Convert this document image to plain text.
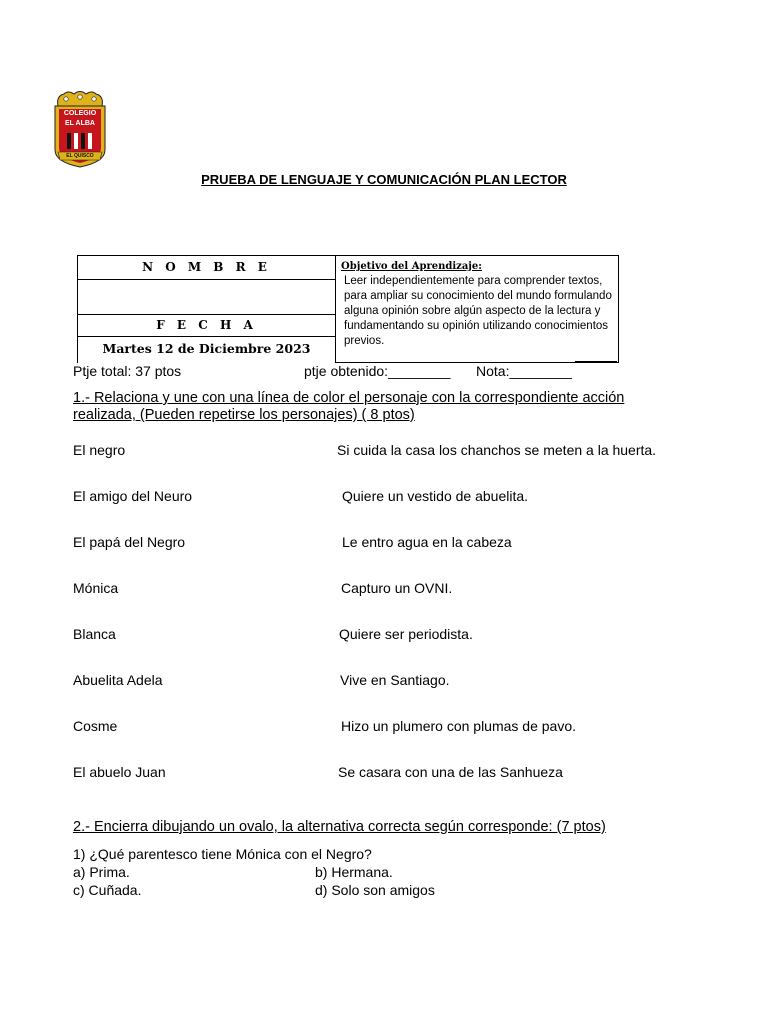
COLEGIO
EL ALBA
EL QUISCO
PRUEBA DE LENGUAJE Y COMUNICACIÓN PLAN LECTOR
N O M B R E
F E C H A
Martes 12 de Diciembre 2023
Objetivo del Aprendizaje:
Leer independientemente para comprender textos, para ampliar su conocimiento del mundo formulando alguna opinión sobre algún aspecto de la lectura y fundamentando su opinión utilizando conocimientos previos.
Ptje total: 37 ptos	ptje obtenido:________ Nota:________
1.- Relaciona y une con una línea de color el personaje con la correspondiente acción
realizada, (Pueden repetirse los personajes) ( 8 ptos)
El negro
El amigo del Neuro
El papá del Negro
Mónica
Blanca
Abuelita Adela
Cosme
El abuelo Juan
Si cuida la casa los chanchos se meten a la huerta.
Quiere un vestido de abuelita.
Le entro agua en la cabeza
Capturo un OVNI.
Quiere ser periodista.
Vive en Santiago.
Hizo un plumero con plumas de pavo.
Se casara con una de las Sanhueza
2.- Encierra dibujando un ovalo, la alternativa correcta según corresponde: (7 ptos)
1) ¿Qué parentesco tiene Mónica con el Negro?
a) Prima.	b) Hermana.
c) Cuñada.	d) Solo son amigos
